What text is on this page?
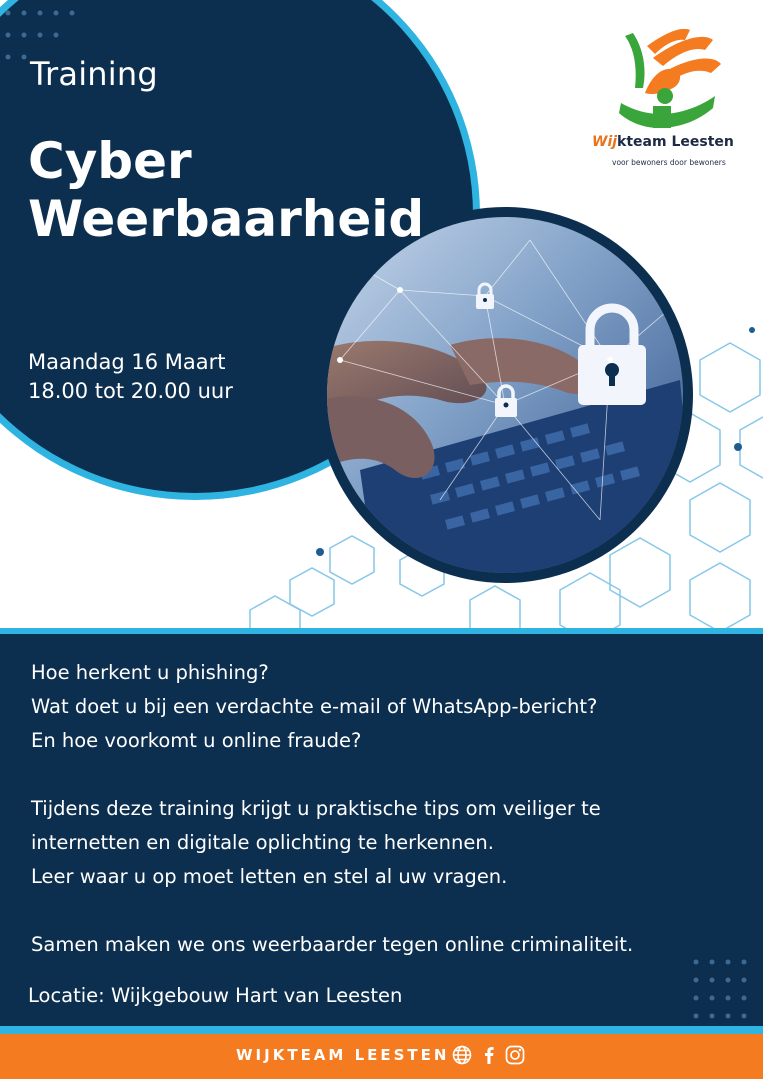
Training
Cyber
Weerbaarheid
Maandag 16 Maart
18.00 tot 20.00 uur
Wijkteam Leesten
voor bewoners door bewoners
Hoe herkent u phishing?
Wat doet u bij een verdachte e-mail of WhatsApp-bericht?
En hoe voorkomt u online fraude?
Tijdens deze training krijgt u praktische tips om veiliger te
internetten en digitale oplichting te herkennen.
Leer waar u op moet letten en stel al uw vragen.
Samen maken we ons weerbaarder tegen online criminaliteit.
Locatie: Wijkgebouw Hart van Leesten
WIJKTEAM LEESTEN
